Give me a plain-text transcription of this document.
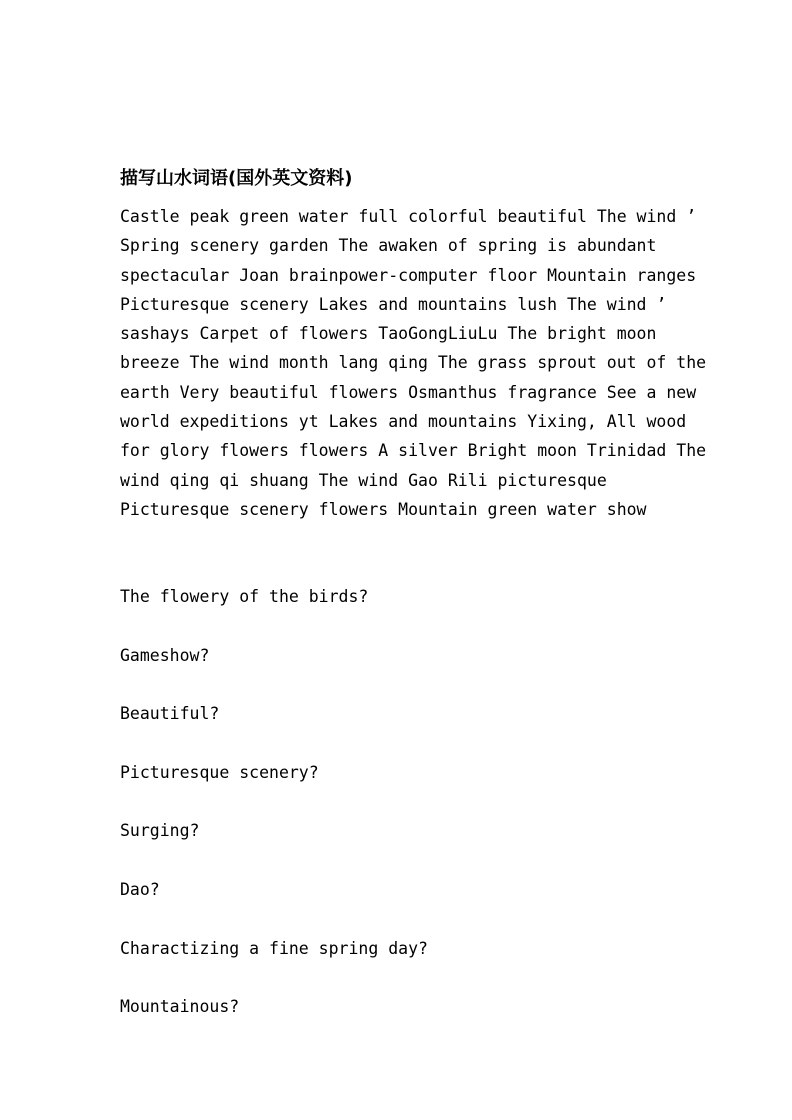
描写山水词语(国外英文资料)
Castle peak green water full colorful beautiful The wind ’
Spring scenery garden The awaken of spring is abundant
spectacular Joan brainpower-computer floor Mountain ranges
Picturesque scenery Lakes and mountains lush The wind ’
sashays Carpet of flowers TaoGongLiuLu The bright moon
breeze The wind month lang qing The grass sprout out of the
earth Very beautiful flowers Osmanthus fragrance See a new
world expeditions yt Lakes and mountains Yixing, All wood
for glory flowers flowers A silver Bright moon Trinidad The
wind qing qi shuang The wind Gao Rili picturesque
Picturesque scenery flowers Mountain green water show
The flowery of the birds?
Gameshow?
Beautiful?
Picturesque scenery?
Surging?
Dao?
Charactizing a fine spring day?
Mountainous?
